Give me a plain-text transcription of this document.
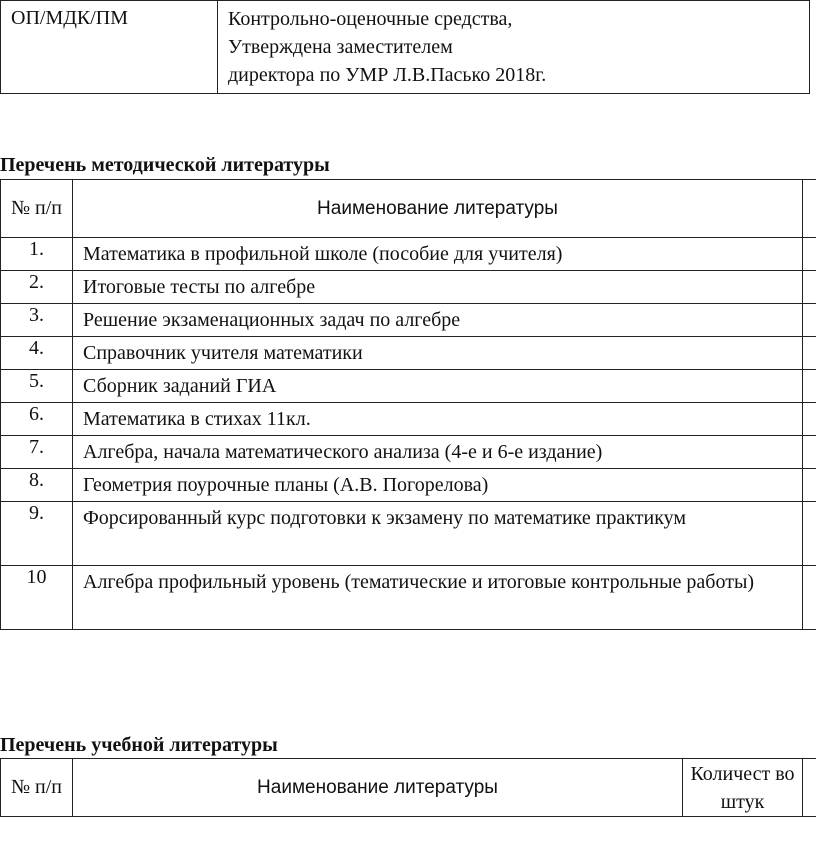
ОП/МДК/ПМ	Контрольно-оценочные средства,
Утверждена заместителем
директора по УМР Л.В.Пасько 2018г.
Перечень методической литературы
№ п/п	Наименование литературы	
1.	Математика в профильной школе (пособие для учителя)	
2.	Итоговые тесты по алгебре	
3.	Решение экзаменационных задач по алгебре	
4.	Справочник учителя математики	
5.	Сборник заданий ГИА	
6.	Математика в стихах 11кл.	
7.	Алгебра, начала математического анализа (4-е и 6-е издание)	
8.	Геометрия поурочные планы (А.В. Погорелова)	
9.	Форсированный курс подготовки к экзамену по математике практикум	
10	Алгебра профильный уровень (тематические и итоговые контрольные работы)	
Перечень учебной литературы
№ п/п	Наименование литературы	Количест во штук	
